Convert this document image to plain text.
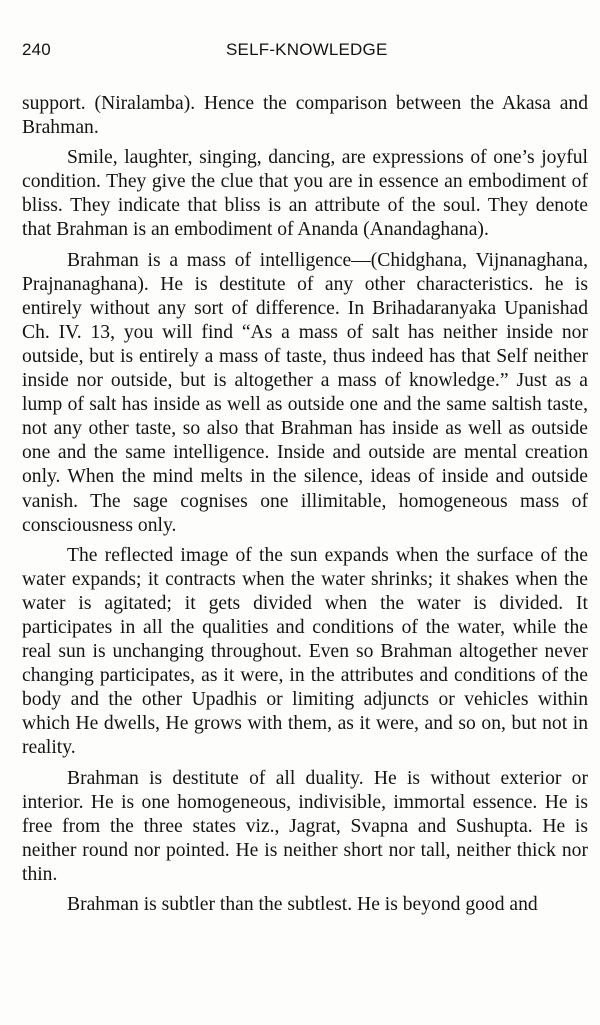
240	SELF-KNOWLEDGE

support. (Niralamba). Hence the comparison between the Akasa and Brahman.

Smile, laughter, singing, dancing, are expressions of one’s joyful condition. They give the clue that you are in essence an embodiment of bliss. They indicate that bliss is an attribute of the soul. They denote that Brahman is an embodiment of Ananda (Anandaghana).

Brahman is a mass of intelligence—(Chidghana, Vijnanaghana, Prajnanaghana). He is destitute of any other characteristics. he is entirely without any sort of difference. In Brihadaranyaka Upanishad Ch. IV. 13, you will find “As a mass of salt has neither inside nor outside, but is entirely a mass of taste, thus indeed has that Self neither inside nor outside, but is altogether a mass of knowledge.” Just as a lump of salt has inside as well as outside one and the same saltish taste, not any other taste, so also that Brahman has inside as well as outside one and the same intelligence. Inside and outside are mental creation only. When the mind melts in the silence, ideas of inside and outside vanish. The sage cognises one illimitable, homogeneous mass of consciousness only.

The reflected image of the sun expands when the surface of the water expands; it contracts when the water shrinks; it shakes when the water is agitated; it gets divided when the water is divided. It participates in all the qualities and conditions of the water, while the real sun is unchanging throughout. Even so Brahman altogether never changing participates, as it were, in the attributes and conditions of the body and the other Upadhis or limiting adjuncts or vehicles within which He dwells, He grows with them, as it were, and so on, but not in reality.

Brahman is destitute of all duality. He is without exterior or interior. He is one homogeneous, indivisible, immortal essence. He is free from the three states viz., Jagrat, Svapna and Sushupta. He is neither round nor pointed. He is neither short nor tall, neither thick nor thin.

Brahman is subtler than the subtlest. He is beyond good and
